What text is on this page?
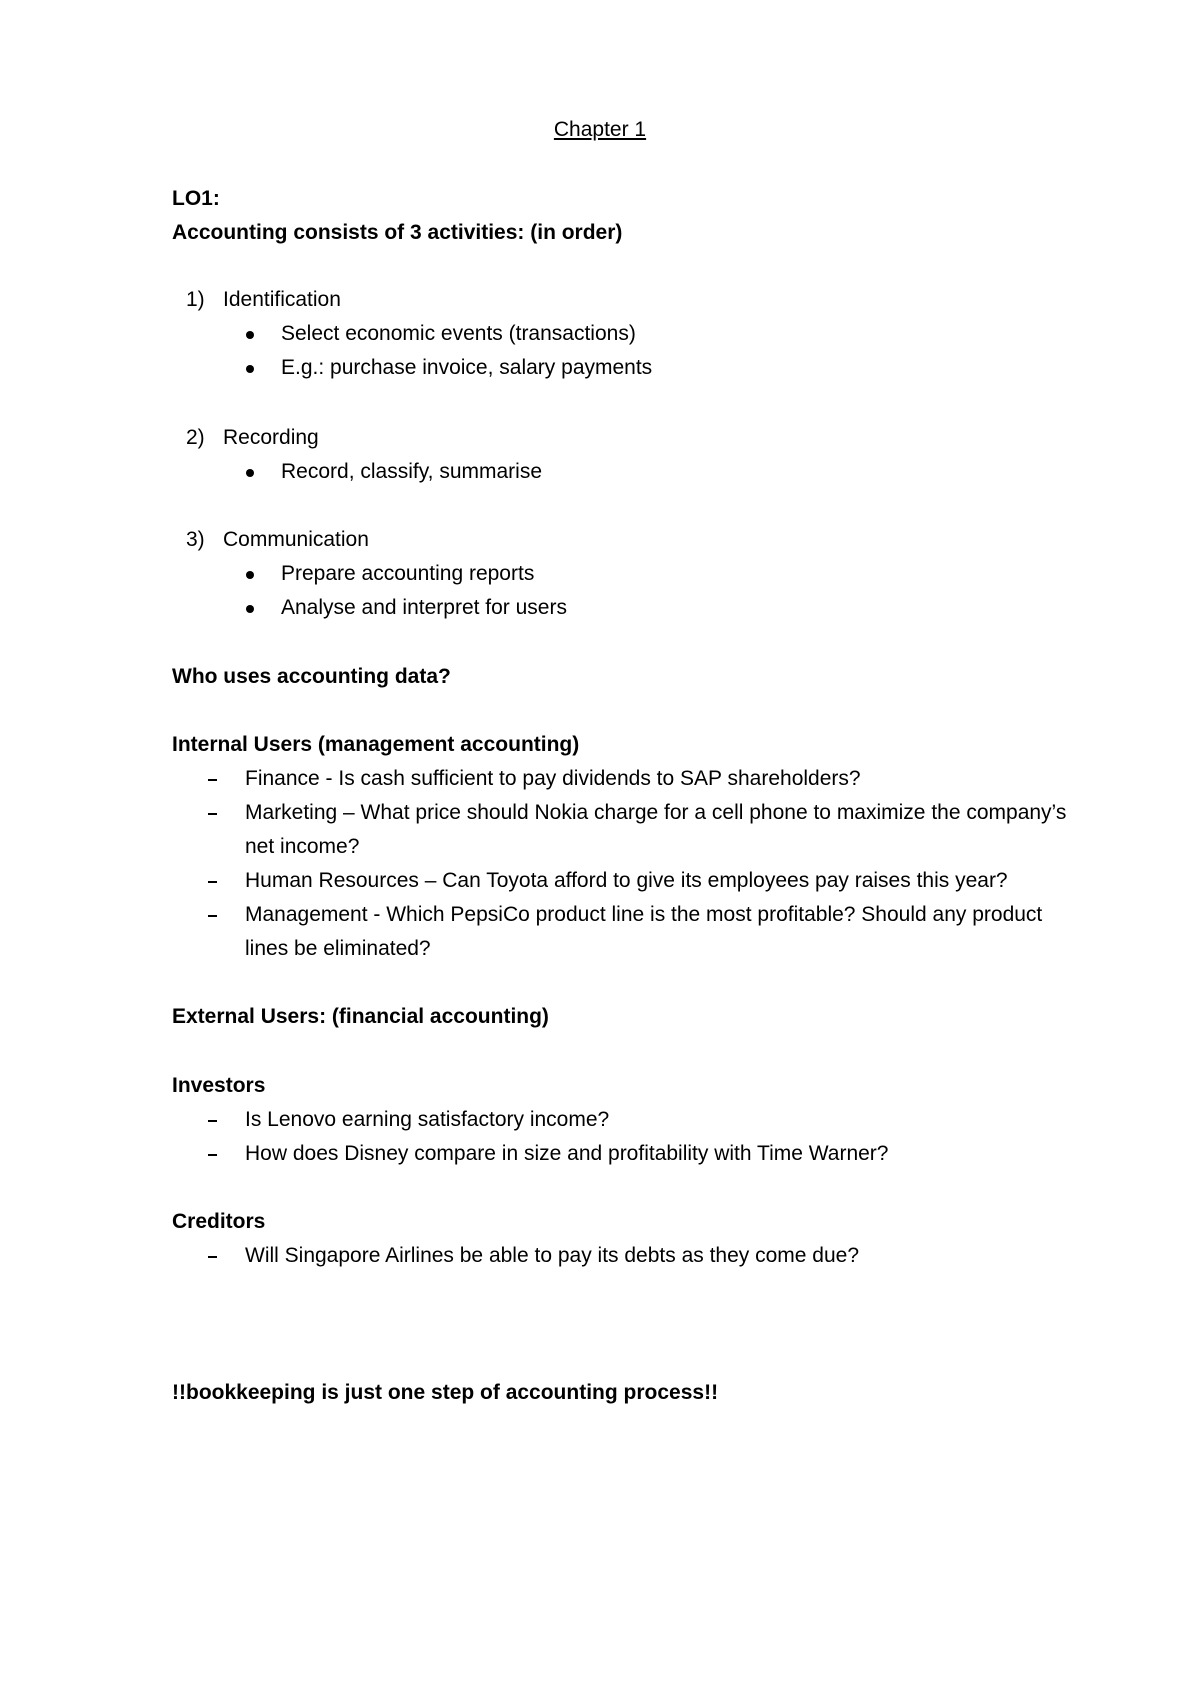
Chapter 1
LO1:
Accounting consists of 3 activities: (in order)
1) Identification
Select economic events (transactions)
E.g.: purchase invoice, salary payments
2) Recording
Record, classify, summarise
3) Communication
Prepare accounting reports
Analyse and interpret for users
Who uses accounting data?
Internal Users (management accounting)
Finance - Is cash sufficient to pay dividends to SAP shareholders?
Marketing – What price should Nokia charge for a cell phone to maximize the company’s
net income?
Human Resources – Can Toyota afford to give its employees pay raises this year?
Management - Which PepsiCo product line is the most profitable? Should any product
lines be eliminated?
External Users: (financial accounting)
Investors
Is Lenovo earning satisfactory income?
How does Disney compare in size and profitability with Time Warner?
Creditors
Will Singapore Airlines be able to pay its debts as they come due?
!!bookkeeping is just one step of accounting process!!
